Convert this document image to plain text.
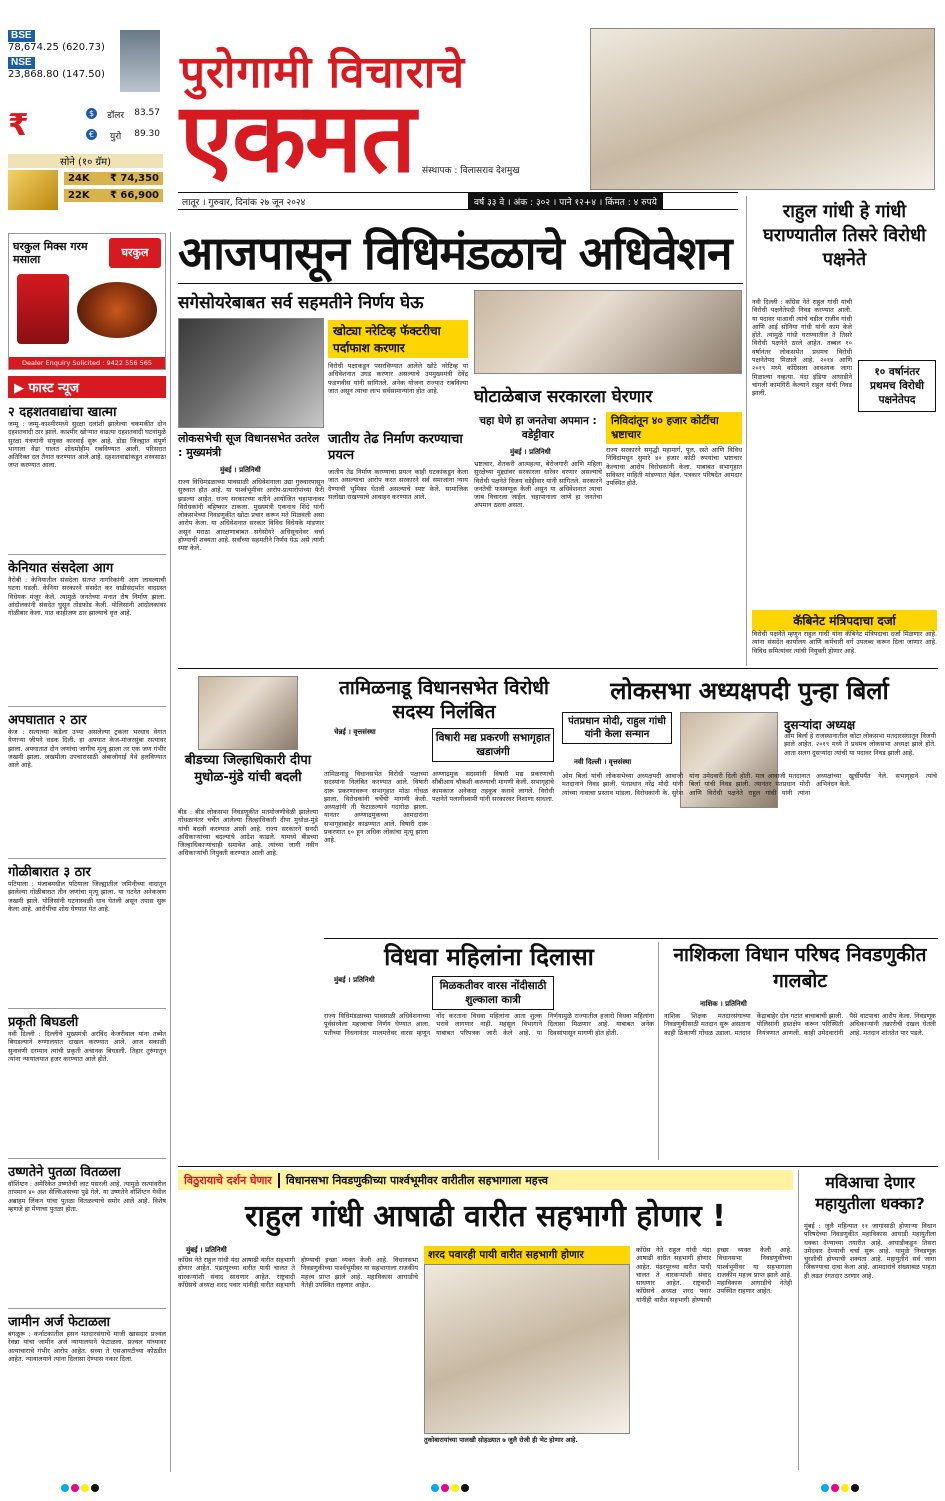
BSE
78,674.25 (620.73)
NSE
23,868.80 (147.50)
$	डॉलर 83.57
€	युरो 89.30
₹
सोने (१० ग्रॅम)
24K ₹ 74,350
22K ₹ 66,900
पुरोगामी विचाराचे
एकमत संस्थापक : विलासराव देशमुख
लातूर । गुरुवार, दिनांक २७ जून २०२४	वर्ष ३३ वे । अंक : ३०२ । पाने १२+४ । किंमत : ४ रुपये
घरकुल मिक्स गरम मसाला
घरकुल
Dealer Enquiry Solicited : 9422 556 565
▶ फास्ट न्यूज
२ दहशतवाद्यांचा खात्मा
जम्मू : जम्मू-काश्मीरमध्ये सुरक्षा दलांशी झालेल्या चकमकीत दोन दहशतवादी ठार झाले. काश्मीर खोऱ्यात वाढत्या दहशतवादी घटनांमुळे सुरक्षा यंत्रणांनी संयुक्त कारवाई सुरू आहे. डोडा जिल्ह्यात संपूर्ण भागाला वेढा घालत शोधमोहीम राबविण्यात आली. परिसरात अतिरिक्त दल तैनात करण्यात आले आहे. दहशतवाद्यांकडून शस्त्रसाठा जप्त करण्यात आला.
केनियात संसदेला आग
नैरोबी : केनियातील संसदेला संतप्त नागरिकांनी आग लावल्याची घटना घडली. केनिया सरकारने संसदेत कर वाढीसंदर्भात वादग्रस्त विधेयक मंजूर केले. त्यामुळे जनतेच्या मनात रोष निर्माण झाला. आंदोलकांनी संसदेत घुसून तोडफोड केली. पोलिसांनी आंदोलकांवर गोळीबार केला. यात काहीजण ठार झाल्याचे वृत्त आहे.
अपघातात २ ठार
केज : रस्त्याच्या कडेला उभ्या असलेल्या ट्रकला भरधाव वेगात येणाऱ्या जीपने धडक दिली. हा अपघात केज-मांजरसुंबा रस्त्यावर झाला. अपघातात दोन जणांचा जागीच मृत्यू झाला तर एक जण गंभीर जखमी झाला. जखमीला उपचारासाठी अंबाजोगाई येथे हलविण्यात आले आहे.
गोळीबारात ३ ठार
पटियाला : पंजाबमधील पटियाला जिल्ह्यातील जमिनीच्या वादातून झालेल्या गोळीबारात तीन जणांचा मृत्यू झाला. या घटनेत अनेकजण जखमी झाले. पोलिसांनी घटनास्थळी धाव घेतली असून तपास सुरू केला आहे. आरोपींचा शोध घेण्यात येत आहे.
प्रकृती बिघडली
नवी दिल्ली : दिल्लीचे मुख्यमंत्री अरविंद केजरीवाल यांना तब्येत बिघडल्याने रुग्णालयात दाखल करण्यात आले. आज सकाळी सुनावणी दरम्यान त्यांची प्रकृती अचानक बिघडली. तिहार तुरुंगातून त्यांना न्यायालयात हजर करण्यात आले होते.
उष्णतेने पुतळा वितळला
वॉशिंग्टन : अमेरिकेत उष्णतेची लाट पसरली आहे. त्यामुळे रस्त्यांवरील तापमान ४० अंश सेल्सिअसच्या पुढे गेले. या उष्णतेने वॉशिंग्टन येथील अब्राहम लिंकन यांचा पुतळा वितळल्याचे समोर आले आहे. विशेष म्हणजे हा मेणाचा पुतळा होता.
जामीन अर्ज फेटाळला
बंगळूरू : कर्नाटकातील हसन मतदारसंघाचे माजी खासदार प्रज्वल रेवन्ना यांचा जामीन अर्ज न्यायालयाने फेटाळला. प्रज्वल यांच्यावर अत्याचाराचे गंभीर आरोप आहेत. सध्या ते एसआयटीच्या कोठडीत आहेत. न्यायालयाने त्यांना दिलासा देण्यास नकार दिला.
आजपासून विधिमंडळाचे अधिवेशन
सगेसोयरेबाबत सर्व सहमतीने निर्णय घेऊ
खोट्या नरेटिव्ह फॅक्टरीचा पर्दाफाश करणार
विरोधी पक्षाकडून पसरविण्यात आलेले खोटे नरेटिव्ह या अधिवेशनात उघड करणार असल्याचे उपमुख्यमंत्री देवेंद्र फडणवीस यांनी सांगितले. अनेक योजना राज्यात राबविल्या जात असून त्याचा लाभ सर्वसामान्यांना होत आहे.
लोकसभेची सूज विधानसभेत उतरेल : मुख्यमंत्री
जातीय तेढ निर्माण करण्याचा प्रयत्न
मुंबई । प्रतिनिधी
राज्य विधिमंडळाच्या पावसाळी अधिवेशनाला उद्या गुरुवारपासून सुरुवात होत आहे. या पार्श्वभूमीवर आरोप-प्रत्यारोपांच्या फैरी झडल्या आहेत. राज्य सरकारच्या वतीने आयोजित चहापानावर विरोधकांनी बहिष्कार टाकला. मुख्यमंत्री एकनाथ शिंदे यांनी लोकसभेच्या निवडणुकीत खोटा प्रचार करून मते मिळवली असा आरोप केला. या अधिवेशनात सरकार विविध विधेयके मांडणार असून मराठा आरक्षणाबाबत सगेसोयरे अधिसूचनेवर चर्चा होण्याची शक्यता आहे. सर्वांच्या सहमतीने निर्णय घेऊ असे त्यांनी स्पष्ट केले.
जातीय तेढ निर्माण करण्याचा प्रयत्न काही घटकांकडून केला जात असल्याचा आरोप करत सरकारने सर्व समाजांना न्याय देण्याची भूमिका घेतली असल्याचे स्पष्ट केले. सामाजिक सलोखा राखण्याचे आवाहन करण्यात आले.
घोटाळेबाज सरकारला घेरणार
चहा घेणे हा जनतेचा अपमान : वडेट्टीवार
निविदांतून ४० हजार कोटींचा भ्रष्टाचार
मुंबई । प्रतिनिधी
भ्रष्टाचार, शेतकरी आत्महत्या, बेरोजगारी आणि महिला सुरक्षेच्या मुद्द्यांवर सरकारला धारेवर धरणार असल्याचे विरोधी पक्षनेते विजय वडेट्टीवार यांनी सांगितले. सरकारने जनतेची फसवणूक केली असून या अधिवेशनात त्याचा जाब विचारला जाईल. चहापानाला जाणे हा जनतेचा अपमान ठरला असता.
राज्य सरकारने समृद्धी महामार्ग, पूल, रस्ते आणि विविध निविदांमधून सुमारे ४० हजार कोटी रुपयांचा भ्रष्टाचार केल्याचा आरोप विरोधकांनी केला. याबाबत सभागृहात सविस्तर माहिती मांडण्यात येईल. पत्रकार परिषदेत आमदार उपस्थित होते.
राहुल गांधी हे गांधी घराण्यातील तिसरे विरोधी पक्षनेते
नवी दिल्ली : काँग्रेस नेते राहुल गांधी यांची विरोधी पक्षनेतेपदी निवड करण्यात आली. या पदावर याआधी त्यांचे वडील राजीव गांधी आणि आई सोनिया गांधी यांनी काम केले होते. त्यामुळे गांधी घराण्यातील ते तिसरे विरोधी पक्षनेते ठरले आहेत. तब्बल १० वर्षानंतर लोकसभेत प्रथमच विरोधी पक्षनेतेपद मिळाले आहे. २०१४ आणि २०१९ मध्ये काँग्रेसला आवश्यक जागा मिळाल्या नव्हत्या. यंदा इंडिया आघाडीने चांगली कामगिरी केल्याने राहुल यांची निवड झाली.
१० वर्षानंतर प्रथमच विरोधी पक्षनेतेपद
कॅबिनेट मंत्रिपदाचा दर्जा
विरोधी पक्षनेते म्हणून राहुल गांधी यांना कॅबिनेट मंत्रिपदाचा दर्जा मिळणार आहे. त्यांना संसदेत कार्यालय आणि कर्मचारी वर्ग उपलब्ध करून दिला जाणार आहे. विविध समित्यांवर त्यांची नियुक्ती होणार आहे.
बीडच्या जिल्हाधिकारी दीपा मुधोळ-मुंडे यांची बदली
बीड : बीड लोकसभा निवडणुकीत मतमोजणीवेळी झालेल्या गोंधळानंतर चर्चेत आलेल्या जिल्हाधिकारी दीपा मुधोळ-मुंडे यांची बदली करण्यात आली आहे. राज्य सरकारने सनदी अधिकाऱ्यांच्या बदल्यांचे आदेश काढले. यामध्ये बीडच्या जिल्हाधिकाऱ्यांचाही समावेश आहे. त्यांच्या जागी नवीन अधिकाऱ्यांची नियुक्ती करण्यात आली आहे.
तामिळनाडू विधानसभेत विरोधी सदस्य निलंबित
चेन्नई । वृत्तसंस्था	विषारी मद्य प्रकरणी सभागृहात खडाजंगी
तामिळनाडू विधानसभेत विरोधी पक्षाच्या सदस्यांना निलंबित करण्यात आले. विषारी दारू प्रकरणावरून सभागृहात मोठा गोंधळ झाला. विरोधकांनी चर्चेची मागणी केली. अध्यक्षांनी ती फेटाळल्याने गदारोळ झाला. यानंतर अण्णाद्रमुकच्या आमदारांना सभागृहाबाहेर काढण्यात आले. विषारी दारू प्रकरणात ६० हून अधिक लोकांचा मृत्यू झाला आहे.
अण्णाद्रमुक सदस्यांनी विषारी मद्य प्रकरणाची सीबीआय चौकशी करण्याची मागणी केली. सभागृहाचे कामकाज अनेकदा तहकूब करावे लागले. विरोधी पक्षनेते पलानीस्वामी यांनी सरकारवर निशाणा साधला.
लोकसभा अध्यक्षपदी पुन्हा बिर्ला
पंतप्रधान मोदी, राहुल गांधी यांनी केला सन्मान
नवी दिल्ली । वृत्तसंस्था
दुसऱ्यांदा अध्यक्ष
ओम बिर्ला हे राजस्थानातील कोटा लोकसभा मतदारसंघातून विजयी झाले आहेत. २०१९ मध्ये ते प्रथमच लोकसभा अध्यक्ष झाले होते. आता सलग दुसऱ्यांदा त्यांची या पदावर निवड झाली आहे.
ओम बिर्ला यांची लोकसभेच्या अध्यक्षपदी आवाजी मतदानाने निवड झाली. पंतप्रधान नरेंद्र मोदी यांनी त्यांच्या नावाचा प्रस्ताव मांडला. विरोधकांनी के. सुरेश यांना उमेदवारी दिली होती. मात्र आवाजी मतदानात बिर्ला यांची निवड झाली. त्यानंतर पंतप्रधान मोदी आणि विरोधी पक्षनेते राहुल गांधी यांनी त्यांना अध्यक्षांच्या खुर्चीपर्यंत नेले. सभागृहाने त्यांचे अभिनंदन केले.
विधवा महिलांना दिलासा
मुंबई । प्रतिनिधी	मिळकतीवर वारस नोंदीसाठी शुल्काला कात्री
राज्य विधिमंडळाच्या पावसाळी अधिवेशनाच्या पूर्वसंध्येला महत्त्वाचा निर्णय घेण्यात आला. पतीच्या निधनानंतर मालमत्तेवर वारस म्हणून नोंद करताना विधवा महिलांना आता शुल्क भरावे लागणार नाही. महसूल विभागाने याबाबत परिपत्रक जारी केले आहे. या निर्णयामुळे राज्यातील हजारो विधवा महिलांना दिलासा मिळणार आहे. याबाबत अनेक दिवसांपासून मागणी होत होती.
नाशिकला विधान परिषद निवडणुकीत गालबोट
नाशिक । प्रतिनिधी
नाशिक शिक्षक मतदारसंघाच्या निवडणुकीसाठी मतदान सुरू असताना काही ठिकाणी गोंधळ उडाला. मतदान केंद्राबाहेर दोन गटांत बाचाबाची झाली. पोलिसांनी हस्तक्षेप करून परिस्थिती नियंत्रणात आणली. काही उमेदवारांनी पैसे वाटपाचा आरोप केला. निवडणूक अधिकाऱ्यांनी तक्रारीची दखल घेतली आहे. मतदान शांततेत पार पडले.
विठुरायाचे दर्शन घेणार	विधानसभा निवडणुकीच्या पार्श्वभूमीवर वारीतील सहभागाला महत्त्व
राहुल गांधी आषाढी वारीत सहभागी होणार !
मुंबई । प्रतिनिधी
काँग्रेस नेते राहुल गांधी यंदा आषाढी वारीत सहभागी होणार आहेत. पंढरपूरच्या वारीत पायी चालत ते वारकऱ्यांशी संवाद साधणार आहेत. राष्ट्रवादी काँग्रेसचे अध्यक्ष शरद पवार यांनीही वारीत सहभागी होण्याची इच्छा व्यक्त केली आहे. विधानसभा निवडणुकीच्या पार्श्वभूमीवर या सहभागाला राजकीय महत्त्व प्राप्त झाले आहे. महाविकास आघाडीचे नेतेही उपस्थित राहणार आहेत.
शरद पवारही पायी वारीत सहभागी होणार
तुकोबारायांच्या पालखी सोहळ्यात ७ जुलै रोजी ही भेट होणार आहे.
काँग्रेस नेते राहुल गांधी यंदा आषाढी वारीत सहभागी होणार आहेत. पंढरपूरच्या वारीत पायी चालत ते वारकऱ्यांशी संवाद साधणार आहेत. राष्ट्रवादी काँग्रेसचे अध्यक्ष शरद पवार यांनीही वारीत सहभागी होण्याची इच्छा व्यक्त केली आहे. विधानसभा निवडणुकीच्या पार्श्वभूमीवर या सहभागाला राजकीय महत्त्व प्राप्त झाले आहे. महाविकास आघाडीचे नेतेही उपस्थित राहणार आहेत.
मविआचा देणार महायुतीला धक्का?
मुंबई : जुलै महिन्यात ११ जागांसाठी होणाऱ्या विधान परिषदेच्या निवडणुकीत महाविकास आघाडी महायुतीला धक्का देण्याच्या तयारीत आहे. आघाडीकडून तिसरा उमेदवार देण्याची चर्चा सुरू आहे. यामुळे निवडणूक चुरशीची होण्याची शक्यता आहे. महायुतीने सर्व जागा जिंकण्याचा दावा केला आहे. आमदारांचे संख्याबळ पाहता ही लढत रंगतदार ठरणार आहे.
